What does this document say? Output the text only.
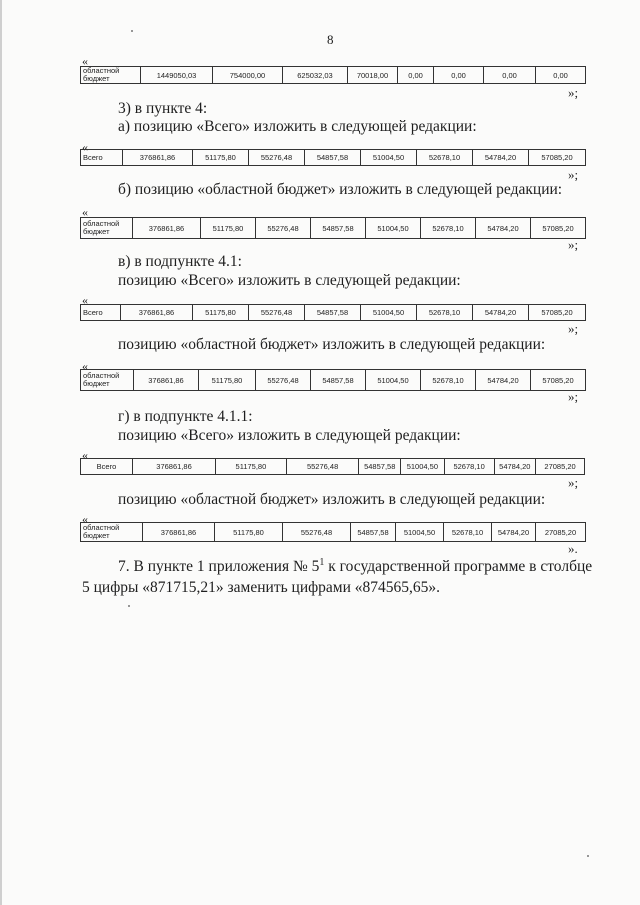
8
«
областной бюджет	1449050,03	754000,00	625032,03	70018,00	0,00	0,00	0,00	0,00
»;
3) в пункте 4:
а) позицию «Всего» изложить в следующей редакции:
«
Всего	376861,86	51175,80	55276,48	54857,58	51004,50	52678,10	54784,20	57085,20
»;
б) позицию «областной бюджет» изложить в следующей редакции:
«
областной бюджет	376861,86	51175,80	55276,48	54857,58	51004,50	52678,10	54784,20	57085,20
»;
в) в подпункте 4.1:
позицию «Всего» изложить в следующей редакции:
«
Всего	376861,86	51175,80	55276,48	54857,58	51004,50	52678,10	54784,20	57085,20
»;
позицию «областной бюджет» изложить в следующей редакции:
«
областной бюджет	376861,86	51175,80	55276,48	54857,58	51004,50	52678,10	54784,20	57085,20
»;
г) в подпункте 4.1.1:
позицию «Всего» изложить в следующей редакции:
«
Всего	376861,86	51175,80	55276,48	54857,58	51004,50	52678,10	54784,20	27085,20
»;
позицию «областной бюджет» изложить в следующей редакции:
«
областной бюджет	376861,86	51175,80	55276,48	54857,58	51004,50	52678,10	54784,20	27085,20
».
7. В пункте 1 приложения № $5^1$ к государственной программе в столбце
5 цифры «871715,21» заменить цифрами «874565,65».
